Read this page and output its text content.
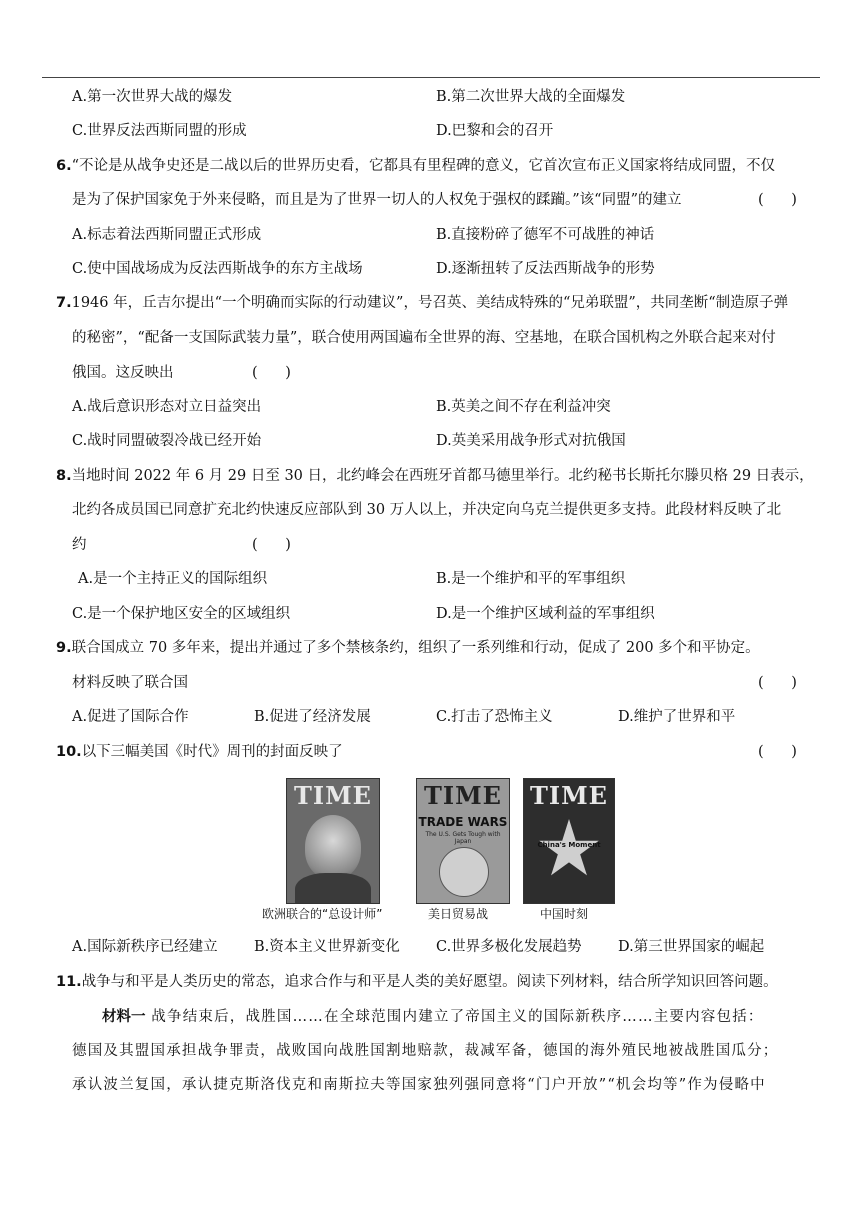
A.第一次世界大战的爆发	B.第二次世界大战的全面爆发
C.世界反法西斯同盟的形成	D.巴黎和会的召开
6.“不论是从战争史还是二战以后的世界历史看，它都具有里程碑的意义，它首次宣布正义国家将结成同盟，不仅
是为了保护国家免于外来侵略，而且是为了世界一切人的人权免于强权的蹂躏。”该“同盟”的建立	(      )
A.标志着法西斯同盟正式形成	B.直接粉碎了德军不可战胜的神话
C.使中国战场成为反法西斯战争的东方主战场	D.逐渐扭转了反法西斯战争的形势
7.1946 年，丘吉尔提出“一个明确而实际的行动建议”，号召英、美结成特殊的“兄弟联盟”，共同垄断“制造原子弹
的秘密”，“配备一支国际武装力量”，联合使用两国遍布全世界的海、空基地，在联合国机构之外联合起来对付
俄国。这反映出	(      )
A.战后意识形态对立日益突出	B.英美之间不存在利益冲突
C.战时同盟破裂冷战已经开始	D.英美采用战争形式对抗俄国
8.当地时间 2022 年 6 月 29 日至 30 日，北约峰会在西班牙首都马德里举行。北约秘书长斯托尔滕贝格 29 日表示，
北约各成员国已同意扩充北约快速反应部队到 30 万人以上，并决定向乌克兰提供更多支持。此段材料反映了北
约	(      )
A.是一个主持正义的国际组织	B.是一个维护和平的军事组织
C.是一个保护地区安全的区域组织	D.是一个维护区域利益的军事组织
9.联合国成立 70 多年来，提出并通过了多个禁核条约，组织了一系列维和行动，促成了 200 多个和平协定。
材料反映了联合国	(      )
A.促进了国际合作	B.促进了经济发展	C.打击了恐怖主义	D.维护了世界和平
10.以下三幅美国《时代》周刊的封面反映了	(      )
TIME TIME
TRADE WARS
The U.S. Gets Tough with Japan
TIME
China's Moment
欧洲联合的“总设计师”	美日贸易战	中国时刻
A.国际新秩序已经建立	B.资本主义世界新变化 C.世界多极化发展趋势	D.第三世界国家的崛起
11.战争与和平是人类历史的常态，追求合作与和平是人类的美好愿望。阅读下列材料，结合所学知识回答问题。
材料一 战争结束后，战胜国……在全球范围内建立了帝国主义的国际新秩序……主要内容包括：
德国及其盟国承担战争罪责，战败国向战胜国割地赔款，裁减军备，德国的海外殖民地被战胜国瓜分；
承认波兰复国，承认捷克斯洛伐克和南斯拉夫等国家独列强同意将“门户开放”“机会均等”作为侵略中
